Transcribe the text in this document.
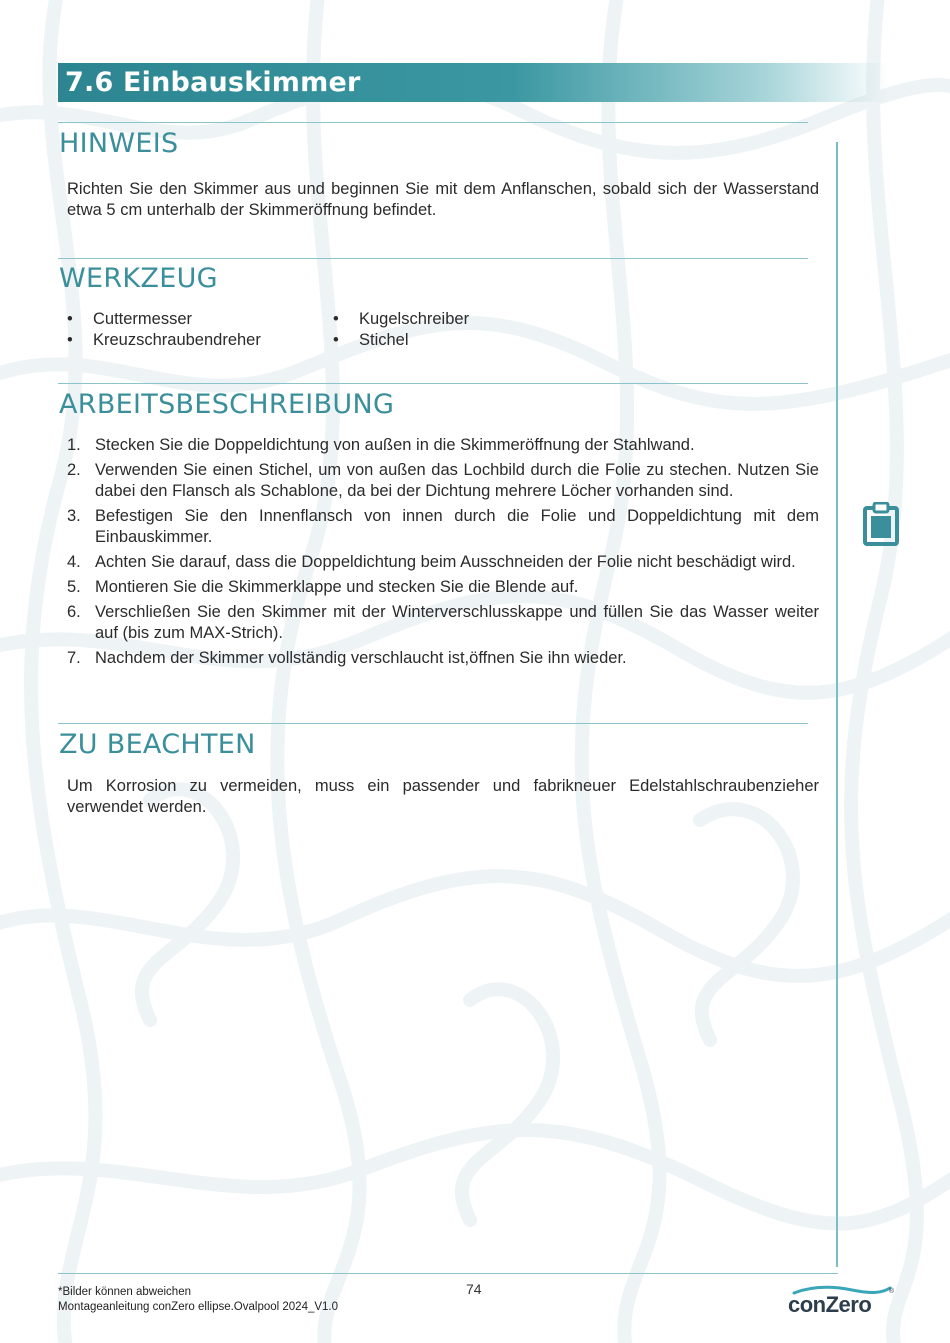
7.6 Einbauskimmer
HINWEIS
Richten Sie den Skimmer aus und beginnen Sie mit dem Anflanschen, sobald sich der Wasserstand etwa 5 cm unterhalb der Skimmeröffnung befindet.
WERKZEUG
• Cuttermesser
• Kreuzschraubendreher
• Kugelschreiber
• Stichel
ARBEITSBESCHREIBUNG
1. Stecken Sie die Doppeldichtung von außen in die Skimmeröffnung der Stahlwand.
2. Verwenden Sie einen Stichel, um von außen das Lochbild durch die Folie zu stechen. Nutzen Sie dabei den Flansch als Schablone, da bei der Dichtung mehrere Löcher vorhanden sind.
3. Befestigen Sie den Innenflansch von innen durch die Folie und Doppeldichtung mit dem Einbauskimmer.
4. Achten Sie darauf, dass die Doppeldichtung beim Ausschneiden der Folie nicht beschädigt wird.
5. Montieren Sie die Skimmerklappe und stecken Sie die Blende auf.
6. Verschließen Sie den Skimmer mit der Winterverschlusskappe und füllen Sie das Wasser weiter auf (bis zum MAX-Strich).
7. Nachdem der Skimmer vollständig verschlaucht ist,öffnen Sie ihn wieder.
ZU BEACHTEN
Um Korrosion zu vermeiden, muss ein passender und fabrikneuer Edelstahlschraubenzieher verwendet werden.
*Bilder können abweichen
Montageanleitung conZero ellipse.Ovalpool 2024_V1.0
74
conZero
®
